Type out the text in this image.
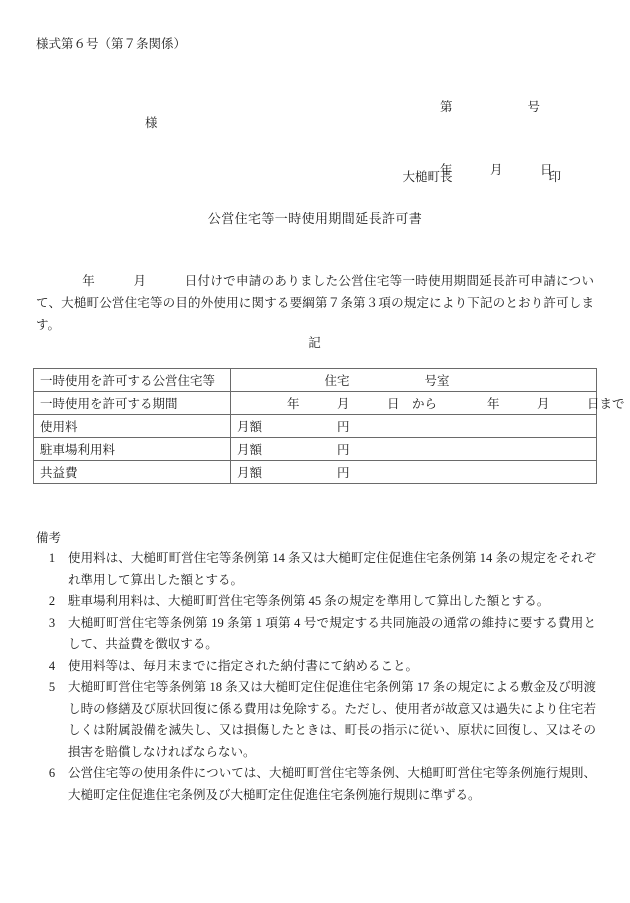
様式第６号（第７条関係）

第　　　　　　号

年　　　月　　　日

様

大槌町長	印

公営住宅等一時使用期間延長許可書
年　　　月　　　日付けで申請のありました公営住宅等一時使用期間延長許可申請について、大槌町公営住宅等の目的外使用に関する要綱第７条第３項の規定により下記のとおり許可します。
記
一時使用を許可する公営住宅等	　　　　　　　住宅　　　　　　号室
一時使用を許可する期間	　　　　年　　　月　　　日　から　　　　年　　　月　　　日まで
使用料	月額　　　　　　円
駐車場利用料	月額　　　　　　円
共益費	月額　　　　　　円
備考
1	使用料は、大槌町町営住宅等条例第 14 条又は大槌町定住促進住宅条例第 14 条の規定をそれぞれ準用して算出した額とする。
2	駐車場利用料は、大槌町町営住宅等条例第 45 条の規定を準用して算出した額とする。
3	大槌町町営住宅等条例第 19 条第 1 項第 4 号で規定する共同施設の通常の維持に要する費用として、共益費を徴収する。
4	使用料等は、毎月末までに指定された納付書にて納めること。
5	大槌町町営住宅等条例第 18 条又は大槌町定住促進住宅条例第 17 条の規定による敷金及び明渡し時の修繕及び原状回復に係る費用は免除する。ただし、使用者が故意又は過失により住宅若しくは附属設備を滅失し、又は損傷したときは、町長の指示に従い、原状に回復し、又はその損害を賠償しなければならない。
6	公営住宅等の使用条件については、大槌町町営住宅等条例、大槌町町営住宅等条例施行規則、大槌町定住促進住宅条例及び大槌町定住促進住宅条例施行規則に準ずる。
